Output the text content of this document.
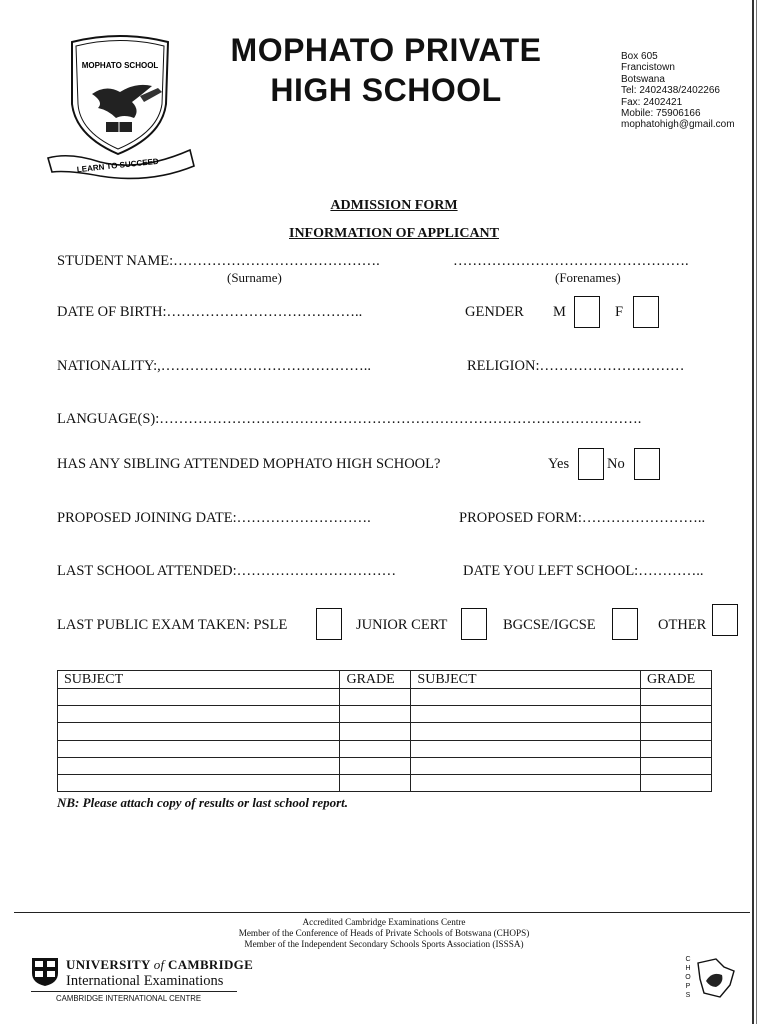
MOPHATO SCHOOL
LEARN TO SUCCEED
MOPHATO PRIVATE
HIGH SCHOOL
Box 605
Francistown
Botswana
Tel: 2402438/2402266
Fax: 2402421
Mobile: 75906166
mophatohigh@gmail.com
ADMISSION FORM
INFORMATION OF APPLICANT
STUDENT NAME:…………………………………….	………………………………………….
(Surname)	(Forenames)
DATE OF BIRTH:…………………………………..	GENDER M	F
NATIONALITY:,……………………………………..	RELIGION:…………………………
LANGUAGE(S):……………………………………………………………………………………….
HAS ANY SIBLING ATTENDED MOPHATO HIGH SCHOOL?	Yes	No
PROPOSED JOINING DATE:……………………….	PROPOSED FORM:……………………..
LAST SCHOOL ATTENDED:……………………………	DATE YOU LEFT SCHOOL:…………..
LAST PUBLIC EXAM TAKEN: PSLE	JUNIOR CERT	BGCSE/IGCSE	OTHER
SUBJECT	GRADE	SUBJECT	GRADE

NB: Please attach copy of results or last school report.
Accredited Cambridge Examinations Centre
Member of the Conference of Heads of Private Schools of Botswana (CHOPS)
Member of the Independent Secondary Schools Sports Association (ISSSA)
UNIVERSITY of CAMBRIDGE
International Examinations
CAMBRIDGE INTERNATIONAL CENTRE
C
H
O
P
S
